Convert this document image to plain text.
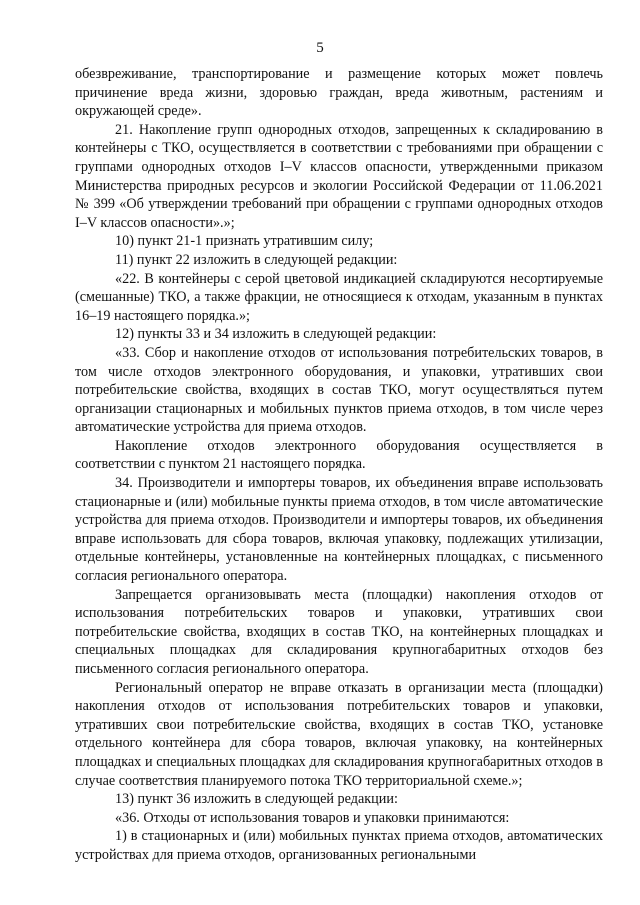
5

обезвреживание, транспортирование и размещение которых может повлечь причинение вреда жизни, здоровью граждан, вреда животным, растениям и окружающей среде».

21. Накопление групп однородных отходов, запрещенных к складированию в контейнеры с ТКО, осуществляется в соответствии с требованиями при обращении с группами однородных отходов I–V классов опасности, утвержденными приказом Министерства природных ресурсов и экологии Российской Федерации от 11.06.2021 № 399 «Об утверждении требований при обращении с группами однородных отходов I–V классов опасности».»;

10) пункт 21-1 признать утратившим силу;

11) пункт 22 изложить в следующей редакции:

«22. В контейнеры с серой цветовой индикацией складируются несортируемые (смешанные) ТКО, а также фракции, не относящиеся к отходам, указанным в пунктах 16–19 настоящего порядка.»;

12) пункты 33 и 34 изложить в следующей редакции:

«33. Сбор и накопление отходов от использования потребительских товаров, в том числе отходов электронного оборудования, и упаковки, утративших свои потребительские свойства, входящих в состав ТКО, могут осуществляться путем организации стационарных и мобильных пунктов приема отходов, в том числе через автоматические устройства для приема отходов.

Накопление отходов электронного оборудования осуществляется в соответствии с пунктом 21 настоящего порядка.

34. Производители и импортеры товаров, их объединения вправе использовать стационарные и (или) мобильные пункты приема отходов, в том числе автоматические устройства для приема отходов. Производители и импортеры товаров, их объединения вправе использовать для сбора товаров, включая упаковку, подлежащих утилизации, отдельные контейнеры, установленные на контейнерных площадках, с письменного согласия регионального оператора.

Запрещается организовывать места (площадки) накопления отходов от использования потребительских товаров и упаковки, утративших свои потребительские свойства, входящих в состав ТКО, на контейнерных площадках и специальных площадках для складирования крупногабаритных отходов без письменного согласия регионального оператора.

Региональный оператор не вправе отказать в организации места (площадки) накопления отходов от использования потребительских товаров и упаковки, утративших свои потребительские свойства, входящих в состав ТКО, установке отдельного контейнера для сбора товаров, включая упаковку, на контейнерных площадках и специальных площадках для складирования крупногабаритных отходов в случае соответствия планируемого потока ТКО территориальной схеме.»;

13) пункт 36 изложить в следующей редакции:

«36. Отходы от использования товаров и упаковки принимаются:

1) в стационарных и (или) мобильных пунктах приема отходов, автоматических устройствах для приема отходов, организованных региональными
